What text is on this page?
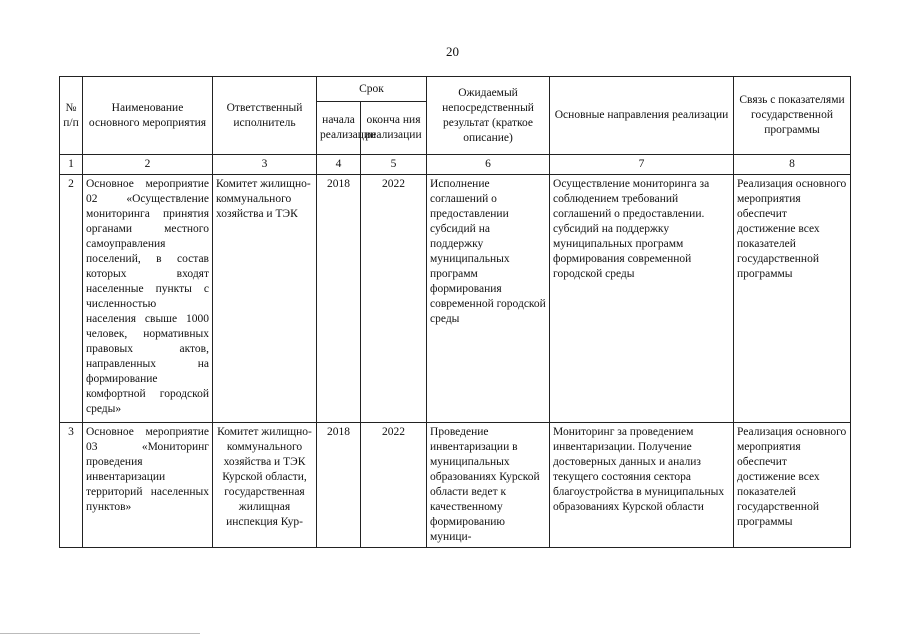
20
№ п/п	Наименование основного мероприятия	Ответственный исполнитель	Срок		Ожидаемый непосредственный результат (краткое описание)	Основные направления реализации	Связь с показателями государственной программы
			начала реализации	оконча ния реализации			
1	2	3	4	5	6	7	8
2	Основное мероприятие 02 «Осуществление мониторинга принятия органами местного самоуправления поселений, в состав которых входят населенные пункты с численностью населения свыше 1000 человек, нормативных правовых актов, направленных на формирование комфортной городской среды»	Комитет жилищно-коммунального хозяйства и ТЭК	2018	2022	Исполнение соглашений о предоставлении субсидий на поддержку муниципальных программ формирования современной городской среды	Осуществление мониторинга за соблюдением требований соглашений о предоставлении. субсидий на поддержку муниципальных программ формирования современной городской среды	Реализация основного мероприятия обеспечит достижение всех показателей государственной программы
3	Основное мероприятие 03 «Мониторинг проведения инвентаризации территорий населенных пунктов»	Комитет жилищно-коммунального хозяйства и ТЭК Курской области, государственная жилищная инспекция Кур-	2018	2022	Проведение инвентаризации в муниципальных образованиях Курской области ведет к качественному формированию муници-	Мониторинг за проведением инвентаризации. Получение достоверных данных и анализ текущего состояния сектора благоустройства в муниципальных образованиях Курской области	Реализация основного мероприятия обеспечит достижение всех показателей государственной программы
